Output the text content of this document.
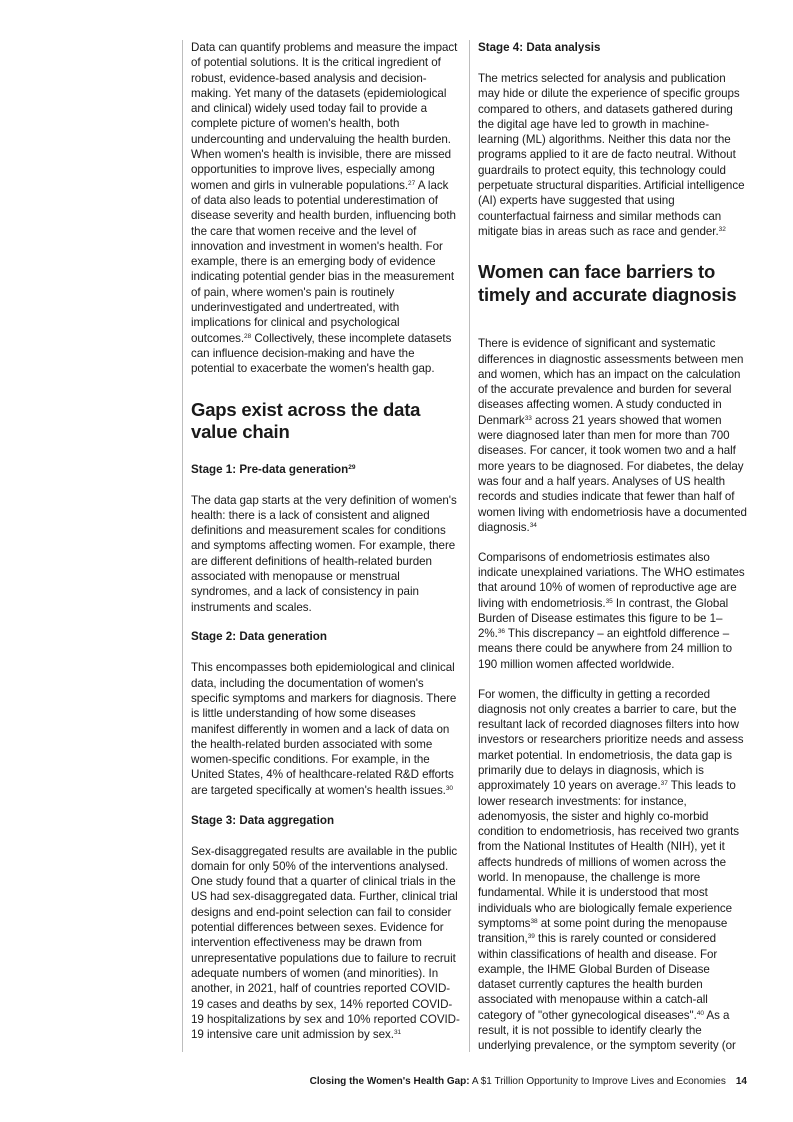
Data can quantify problems and measure the impact of potential solutions. It is the critical ingredient of robust, evidence-based analysis and decision-making. Yet many of the datasets (epidemiological and clinical) widely used today fail to provide a complete picture of women's health, both undercounting and undervaluing the health burden. When women's health is invisible, there are missed opportunities to improve lives, especially among women and girls in vulnerable populations.$^{27}$ A lack of data also leads to potential underestimation of disease severity and health burden, influencing both the care that women receive and the level of innovation and investment in women's health. For example, there is an emerging body of evidence indicating potential gender bias in the measurement of pain, where women's pain is routinely underinvestigated and undertreated, with implications for clinical and psychological outcomes.$^{28}$ Collectively, these incomplete datasets can influence decision-making and have the potential to exacerbate the women's health gap.

Gaps exist across the data value chain
Stage 1: Pre-data generation$^{29}$

The data gap starts at the very definition of women's health: there is a lack of consistent and aligned definitions and measurement scales for conditions and symptoms affecting women. For example, there are different definitions of health-related burden associated with menopause or menstrual syndromes, and a lack of consistency in pain instruments and scales.

Stage 2: Data generation

This encompasses both epidemiological and clinical data, including the documentation of women's specific symptoms and markers for diagnosis. There is little understanding of how some diseases manifest differently in women and a lack of data on the health-related burden associated with some women-specific conditions. For example, in the United States, 4% of healthcare-related R&D efforts are targeted specifically at women's health issues.$^{30}$

Stage 3: Data aggregation

Sex-disaggregated results are available in the public domain for only 50% of the interventions analysed. One study found that a quarter of clinical trials in the US had sex-disaggregated data. Further, clinical trial designs and end-point selection can fail to consider potential differences between sexes. Evidence for intervention effectiveness may be drawn from unrepresentative populations due to failure to recruit adequate numbers of women (and minorities). In another, in 2021, half of countries reported COVID-19 cases and deaths by sex, 14% reported COVID-19 hospitalizations by sex and 10% reported COVID-19 intensive care unit admission by sex.$^{31}$

Stage 4: Data analysis

The metrics selected for analysis and publication may hide or dilute the experience of specific groups compared to others, and datasets gathered during the digital age have led to growth in machine-learning (ML) algorithms. Neither this data nor the programs applied to it are de facto neutral. Without guardrails to protect equity, this technology could perpetuate structural disparities. Artificial intelligence (AI) experts have suggested that using counterfactual fairness and similar methods can mitigate bias in areas such as race and gender.$^{32}$

Women can face barriers to timely and accurate diagnosis

There is evidence of significant and systematic differences in diagnostic assessments between men and women, which has an impact on the calculation of the accurate prevalence and burden for several diseases affecting women. A study conducted in Denmark$^{33}$ across 21 years showed that women were diagnosed later than men for more than 700 diseases. For cancer, it took women two and a half more years to be diagnosed. For diabetes, the delay was four and a half years. Analyses of US health records and studies indicate that fewer than half of women living with endometriosis have a documented diagnosis.$^{34}$

Comparisons of endometriosis estimates also indicate unexplained variations. The WHO estimates that around 10% of women of reproductive age are living with endometriosis.$^{35}$ In contrast, the Global Burden of Disease estimates this figure to be 1–2%.$^{36}$ This discrepancy – an eightfold difference – means there could be anywhere from 24 million to 190 million women affected worldwide.

For women, the difficulty in getting a recorded diagnosis not only creates a barrier to care, but the resultant lack of recorded diagnoses filters into how investors or researchers prioritize needs and assess market potential. In endometriosis, the data gap is primarily due to delays in diagnosis, which is approximately 10 years on average.$^{37}$ This leads to lower research investments: for instance, adenomyosis, the sister and highly co-morbid condition to endometriosis, has received two grants from the National Institutes of Health (NIH), yet it affects hundreds of millions of women across the world. In menopause, the challenge is more fundamental. While it is understood that most individuals who are biologically female experience symptoms$^{38}$ at some point during the menopause transition,$^{39}$ this is rarely counted or considered within classifications of health and disease. For example, the IHME Global Burden of Disease dataset currently captures the health burden associated with menopause within a catch-all category of "other gynecological diseases".$^{40}$ As a result, it is not possible to identify clearly the underlying prevalence, or the symptom severity (or

Closing the Women's Health Gap: A $1 Trillion Opportunity to Improve Lives and Economies 14
